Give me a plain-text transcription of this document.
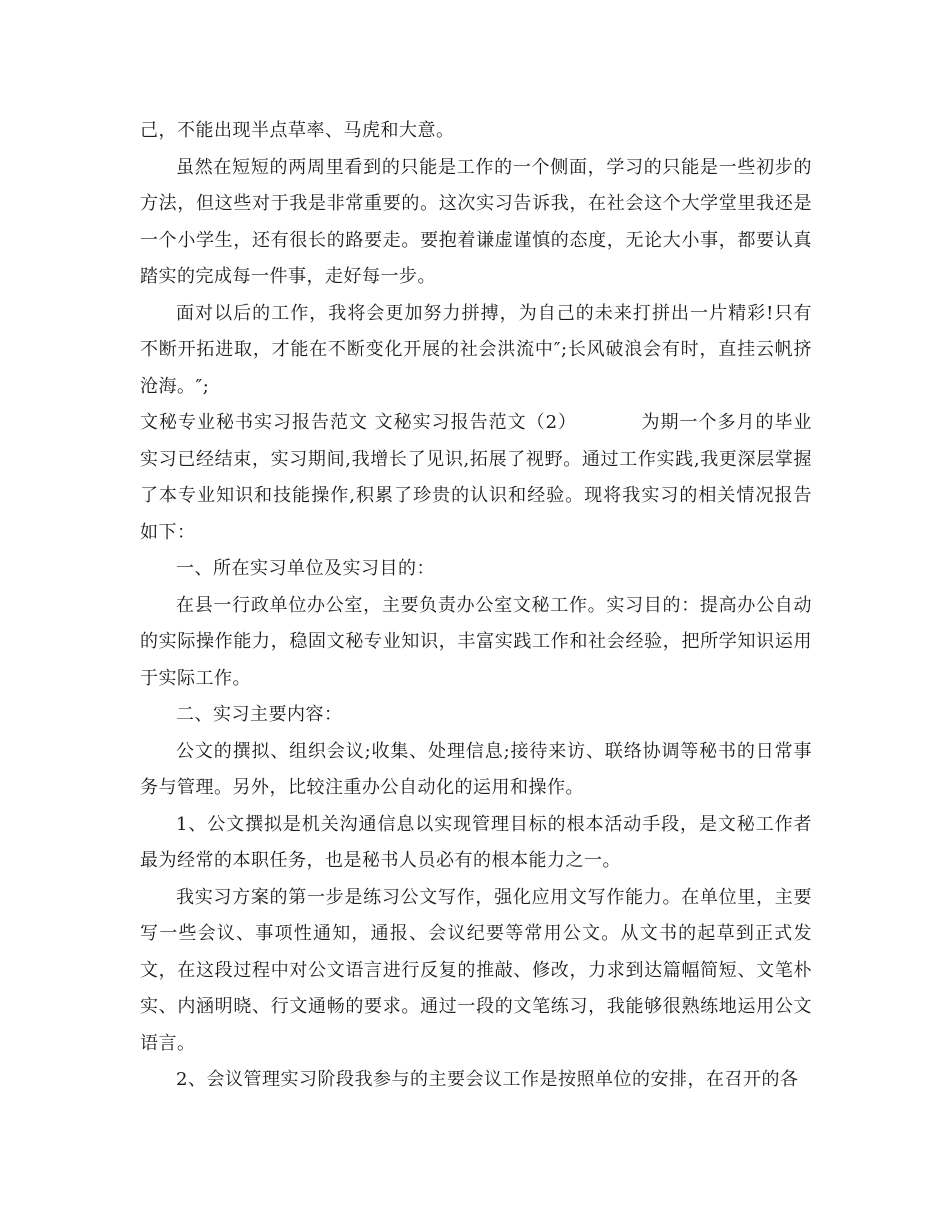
己，不能出现半点草率、马虎和大意。

虽然在短短的两周里看到的只能是工作的一个侧面，学习的只能是一些初步的方法，但这些对于我是非常重要的。这次实习告诉我，在社会这个大学堂里我还是一个小学生，还有很长的路要走。要抱着谦虚谨慎的态度，无论大小事，都要认真踏实的完成每一件事，走好每一步。

面对以后的工作，我将会更加努力拼搏，为自己的未来打拼出一片精彩!只有不断开拓进取，才能在不断变化开展的社会洪流中″;长风破浪会有时，直挂云帆挤沧海。″;

文秘专业秘书实习报告范文 文秘实习报告范文（2）	为期一个多月的毕业实习已经结束，实习期间,我增长了见识,拓展了视野。通过工作实践,我更深层掌握了本专业知识和技能操作,积累了珍贵的认识和经验。现将我实习的相关情况报告如下：

一、所在实习单位及实习目的：

在县一行政单位办公室，主要负责办公室文秘工作。实习目的：提高办公自动的实际操作能力，稳固文秘专业知识，丰富实践工作和社会经验，把所学知识运用于实际工作。

二、实习主要内容：

公文的撰拟、组织会议;收集、处理信息;接待来访、联络协调等秘书的日常事务与管理。另外，比较注重办公自动化的运用和操作。

1、公文撰拟是机关沟通信息以实现管理目标的根本活动手段，是文秘工作者最为经常的本职任务，也是秘书人员必有的根本能力之一。

我实习方案的第一步是练习公文写作，强化应用文写作能力。在单位里，主要写一些会议、事项性通知，通报、会议纪要等常用公文。从文书的起草到正式发文，在这段过程中对公文语言进行反复的推敲、修改，力求到达篇幅简短、文笔朴实、内涵明晓、行文通畅的要求。通过一段的文笔练习，我能够很熟练地运用公文语言。

2、会议管理实习阶段我参与的主要会议工作是按照单位的安排，在召开的各
